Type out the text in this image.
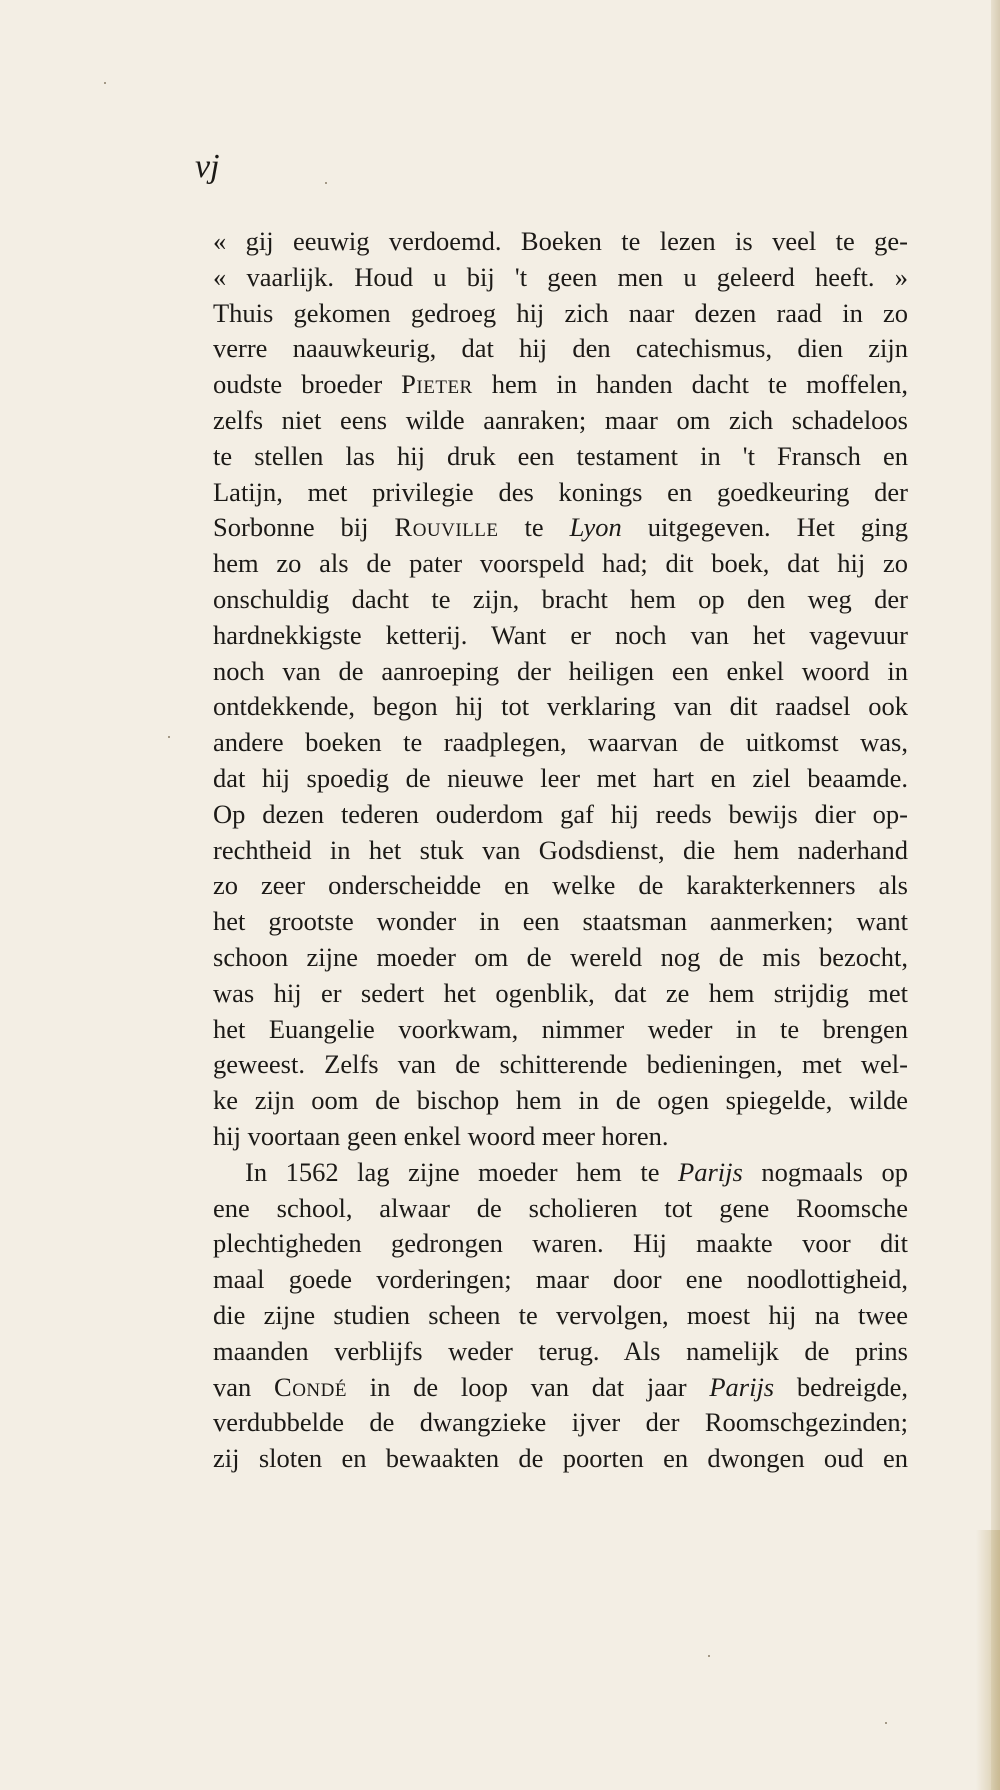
vj
« gij eeuwig verdoemd. Boeken te lezen is veel te ge-
« vaarlijk. Houd u bij 't geen men u geleerd heeft. »
Thuis gekomen gedroeg hij zich naar dezen raad in zo
verre naauwkeurig, dat hij den catechismus, dien zijn
oudste broeder Pieter hem in handen dacht te moffelen,
zelfs niet eens wilde aanraken; maar om zich schadeloos
te stellen las hij druk een testament in 't Fransch en
Latijn, met privilegie des konings en goedkeuring der
Sorbonne bij Rouville te Lyon uitgegeven. Het ging
hem zo als de pater voorspeld had; dit boek, dat hij zo
onschuldig dacht te zijn, bracht hem op den weg der
hardnekkigste ketterij. Want er noch van het vagevuur
noch van de aanroeping der heiligen een enkel woord in
ontdekkende, begon hij tot verklaring van dit raadsel ook
andere boeken te raadplegen, waarvan de uitkomst was,
dat hij spoedig de nieuwe leer met hart en ziel beaamde.
Op dezen tederen ouderdom gaf hij reeds bewijs dier op-
rechtheid in het stuk van Godsdienst, die hem naderhand
zo zeer onderscheidde en welke de karakterkenners als
het grootste wonder in een staatsman aanmerken; want
schoon zijne moeder om de wereld nog de mis bezocht,
was hij er sedert het ogenblik, dat ze hem strijdig met
het Euangelie voorkwam, nimmer weder in te brengen
geweest. Zelfs van de schitterende bedieningen, met wel-
ke zijn oom de bischop hem in de ogen spiegelde, wilde
hij voortaan geen enkel woord meer horen.
In 1562 lag zijne moeder hem te Parijs nogmaals op
ene school, alwaar de scholieren tot gene Roomsche
plechtigheden gedrongen waren. Hij maakte voor dit
maal goede vorderingen; maar door ene noodlottigheid,
die zijne studien scheen te vervolgen, moest hij na twee
maanden verblijfs weder terug. Als namelijk de prins
van Condé in de loop van dat jaar Parijs bedreigde,
verdubbelde de dwangzieke ijver der Roomschgezinden;
zij sloten en bewaakten de poorten en dwongen oud en
